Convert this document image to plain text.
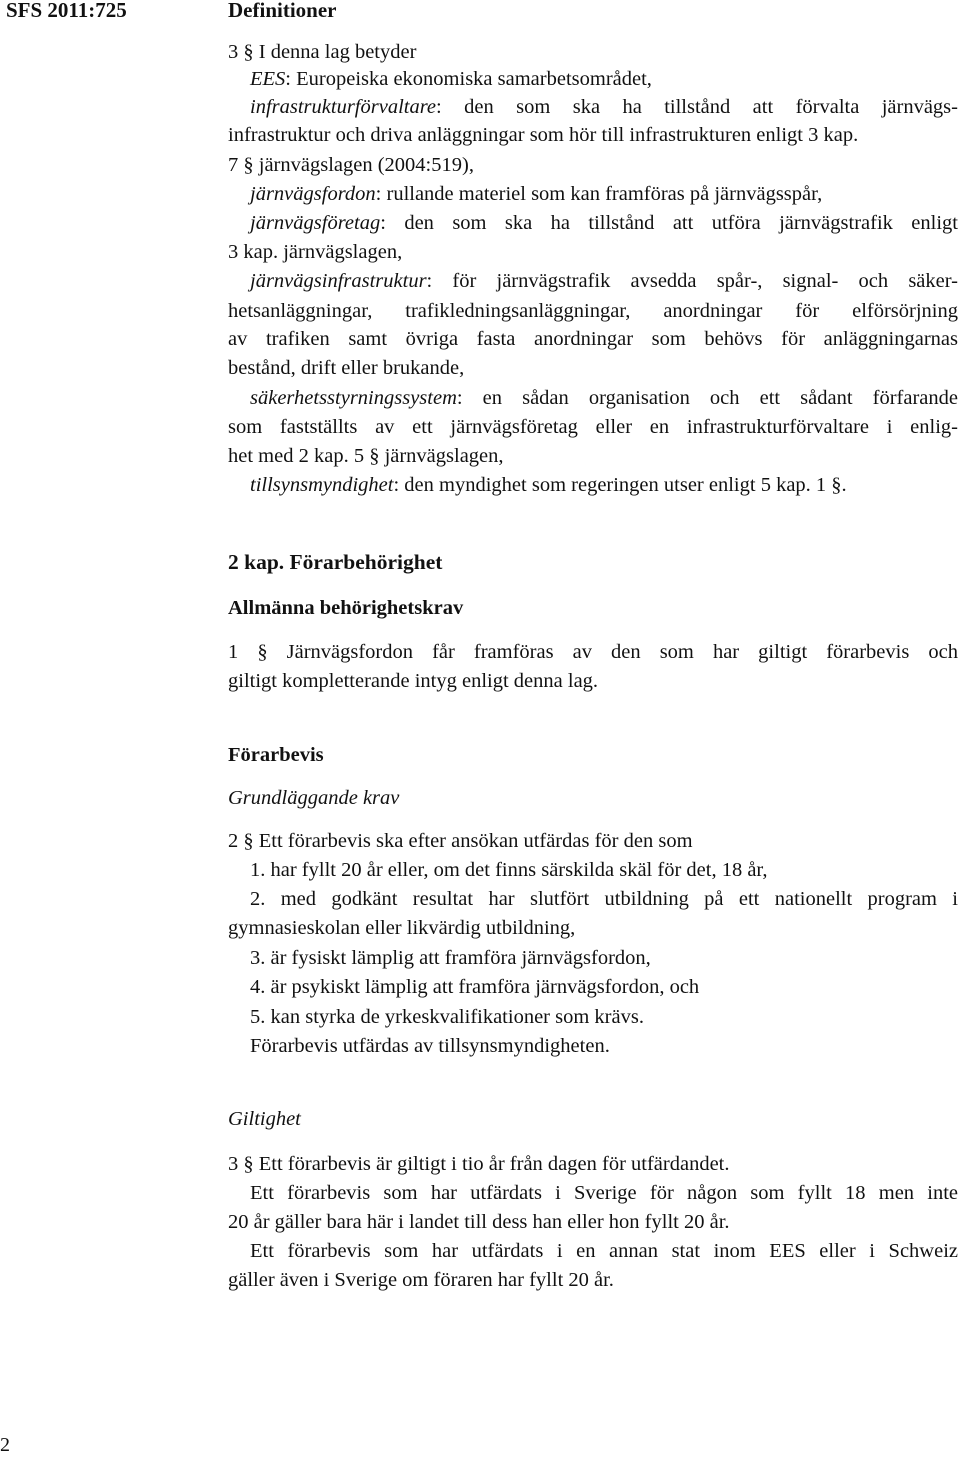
SFS 2011:725	Definitioner
3 § I denna lag betyder
EES: Europeiska ekonomiska samarbetsområdet,
infrastrukturförvaltare: den som ska ha tillstånd att förvalta järnvägs-
infrastruktur och driva anläggningar som hör till infrastrukturen enligt 3 kap.
7 § järnvägslagen (2004:519),
järnvägsfordon: rullande materiel som kan framföras på järnvägsspår,
järnvägsföretag: den som ska ha tillstånd att utföra järnvägstrafik enligt
3 kap. järnvägslagen,
järnvägsinfrastruktur: för järnvägstrafik avsedda spår-, signal- och säker-
hetsanläggningar, trafikledningsanläggningar, anordningar för elförsörjning
av trafiken samt övriga fasta anordningar som behövs för anläggningarnas
bestånd, drift eller brukande,
säkerhetsstyrningssystem: en sådan organisation och ett sådant förfarande
som fastställts av ett järnvägsföretag eller en infrastrukturförvaltare i enlig-
het med 2 kap. 5 § järnvägslagen,
tillsynsmyndighet: den myndighet som regeringen utser enligt 5 kap. 1 §.
2 kap. Förarbehörighet
Allmänna behörighetskrav
1 § Järnvägsfordon får framföras av den som har giltigt förarbevis och
giltigt kompletterande intyg enligt denna lag.
Förarbevis
Grundläggande krav
2 § Ett förarbevis ska efter ansökan utfärdas för den som
1. har fyllt 20 år eller, om det finns särskilda skäl för det, 18 år,
2. med godkänt resultat har slutfört utbildning på ett nationellt program i
gymnasieskolan eller likvärdig utbildning,
3. är fysiskt lämplig att framföra järnvägsfordon,
4. är psykiskt lämplig att framföra järnvägsfordon, och
5. kan styrka de yrkeskvalifikationer som krävs.
Förarbevis utfärdas av tillsynsmyndigheten.
Giltighet
3 § Ett förarbevis är giltigt i tio år från dagen för utfärdandet.
Ett förarbevis som har utfärdats i Sverige för någon som fyllt 18 men inte
20 år gäller bara här i landet till dess han eller hon fyllt 20 år.
Ett förarbevis som har utfärdats i en annan stat inom EES eller i Schweiz
gäller även i Sverige om föraren har fyllt 20 år.
2
